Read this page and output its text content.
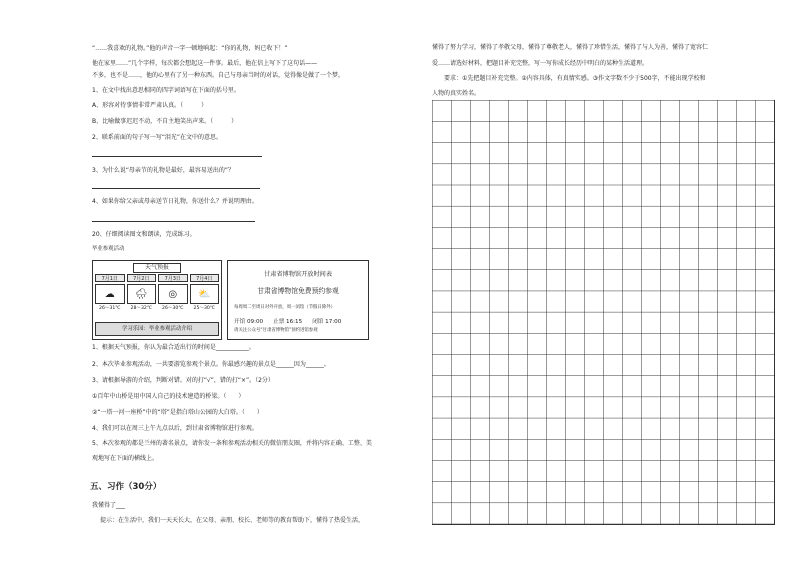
“……我喜欢的礼物。”他的声音一字一顿地响起：“你的礼物，妈已收下！”
他在家里……”几个字样，每次都会想起这一件事。最后，他在信上写下了这句话——
不多，也不是……，他的心里有了另一种东西。自己与母亲当时的对话，觉得像是做了一个梦。
1、在文中找出意思相同的四字词语写在下面的括号里。
A、形容对待事情非常严肃认真。（　　　）
B、比喻做事迟迟不动，不自主地笑出声来。（　　　）
2、联系前面的句子写一写“泪光”在文中的意思。
3、为什么说“母亲节的礼物是最好，最容易送出的”？
4、如果你给父亲或母亲送节日礼物，你送什么？并说明理由。
20、仔细阅读图文和朗读，完成练习。
毕业参观活动
天气预报
7月1日	7月2日	7月3日	7月4日
☁	🌧	◎	⛅
26～31℃	28～32℃	26～30℃	25～30℃
学习乐园：毕业参观活动介绍
甘肃省博物馆开放时间表
甘肃省博物馆免费预约参观
每周周二至周日对外开放，周一闭馆（节假日除外）
开馆 09:00 止票 16:15 闭馆 17:00
请关注公众号“甘肃省博物馆”预约进馆参观
1、根据天气预报，你认为最合适出行的时间是___________。
2、本次毕业参观活动，一共要游览参观个景点。你最感兴趣的景点是______因为______。
3、请根据导游的介绍，判断对错。对的打“√”，错的打“×”。（2分）
①百年中山桥是用中国人自己的技术建造的桥梁。（　　）
②“一塔一河一座桥”中的“塔”是指白塔山公园的大白塔。（　　）
4、我们可以在周三上午九点以后，到甘肃省博物馆进行参观。
5、本次参观的都是兰州的著名景点，请你发一条和参观活动相关的微信朋友圈，并将内容正确、工整、美
观地写在下面的横线上。
五、习作（30分）
我懂得了___
提示：在生活中，我们一天天长大，在父母、亲朋、校长、老师等的教育帮助下，懂得了热爱生活，
懂得了努力学习，懂得了孝敬父母，懂得了尊敬老人，懂得了珍惜生活，懂得了与人为善，懂得了宽容仁
爱……请选好材料，把题目补充完整，写一写你成长经历中明白的某种生活道理。
要求：①先把题目补充完整。②内容具体，有真情实感。③作文字数不少于500字，不能出现学校和
人物的真实姓名。
